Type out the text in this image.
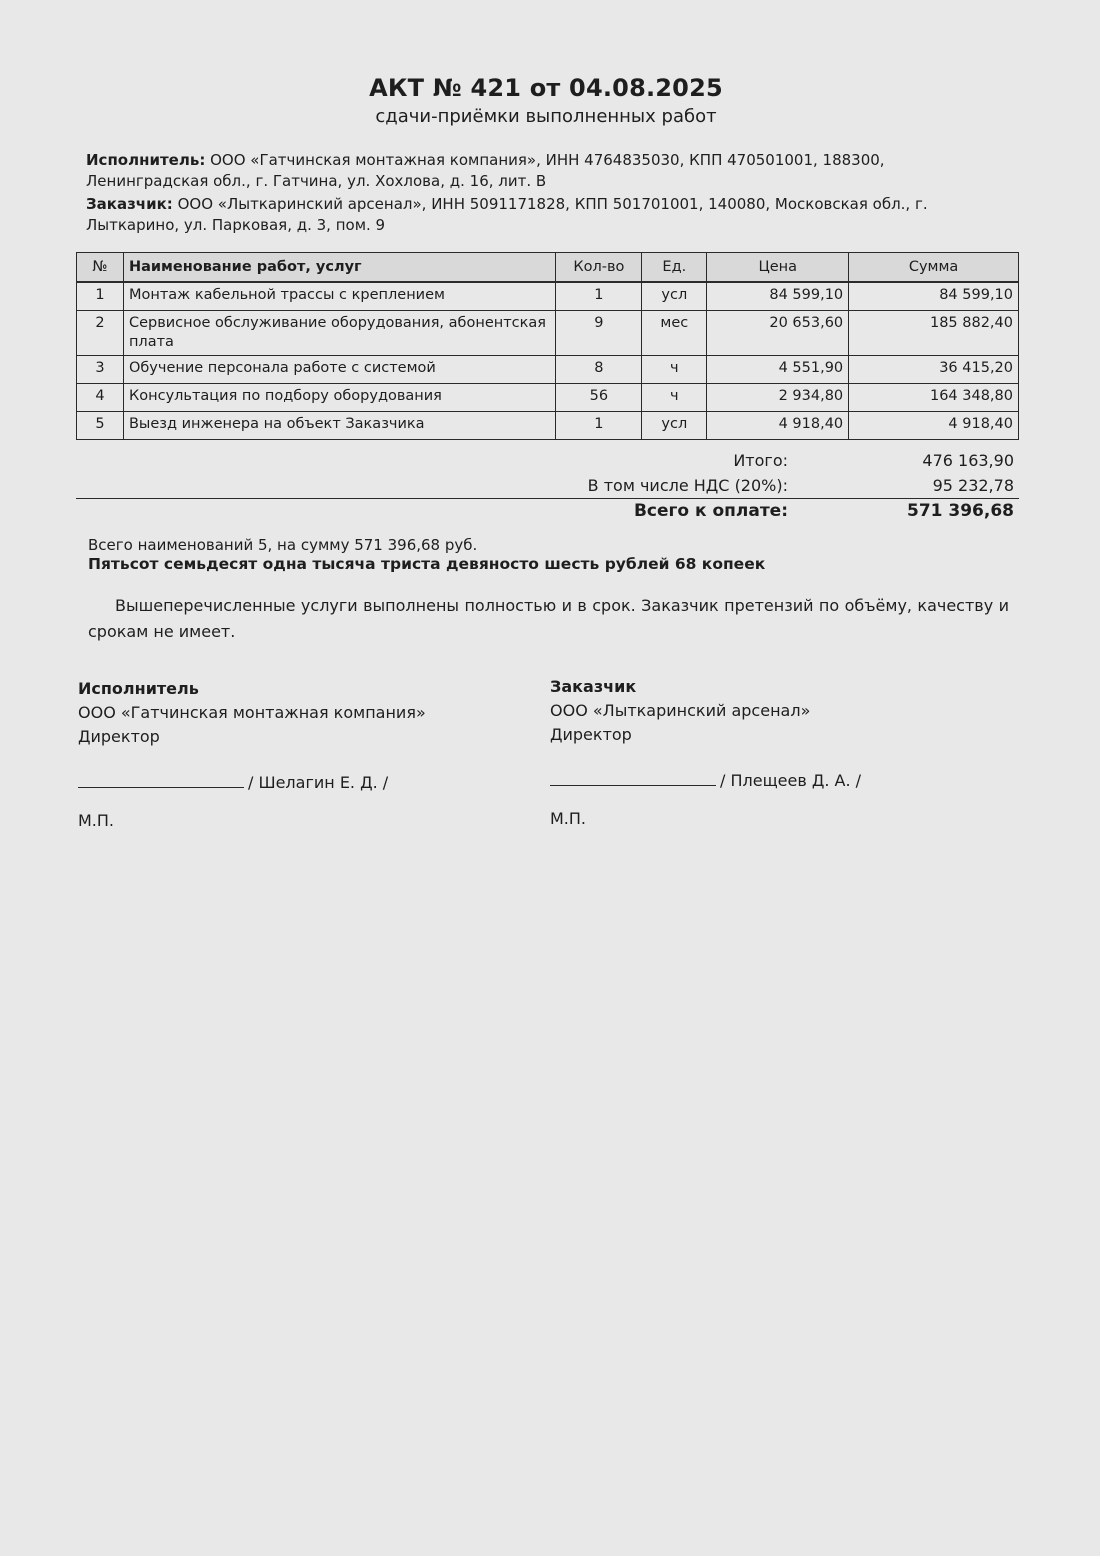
АКТ № 421 от 04.08.2025
сдачи-приёмки выполненных работ
Исполнитель: ООО «Гатчинская монтажная компания», ИНН 4764835030, КПП 470501001, 188300, Ленинградская обл., г. Гатчина, ул. Хохлова, д. 16, лит. В
Заказчик: ООО «Лыткаринский арсенал», ИНН 5091171828, КПП 501701001, 140080, Московская обл., г. Лыткарино, ул. Парковая, д. 3, пом. 9
№	Наименование работ, услуг	Кол-во	Ед.	Цена	Сумма
1	Монтаж кабельной трассы с креплением	1	усл	84 599,10	84 599,10
2	Сервисное обслуживание оборудования, абонентская плата	9	мес	20 653,60	185 882,40
3	Обучение персонала работе с системой	8	ч	4 551,90	36 415,20
4	Консультация по подбору оборудования	56	ч	2 934,80	164 348,80
5	Выезд инженера на объект Заказчика	1	усл	4 918,40	4 918,40
Итого:	476 163,90
В том числе НДС (20%):	95 232,78
Всего к оплате:	571 396,68
Всего наименований 5, на сумму 571 396,68 руб.
Пятьсот семьдесят одна тысяча триста девяносто шесть рублей 68 копеек
Вышеперечисленные услуги выполнены полностью и в срок. Заказчик претензий по объёму, качеству и срокам не имеет.
Исполнитель
ООО «Гатчинская монтажная компания»
Директор
/ Шелагин Е. Д. /
М.П.
Заказчик
ООО «Лыткаринский арсенал»
Директор
/ Плещеев Д. А. /
М.П.
